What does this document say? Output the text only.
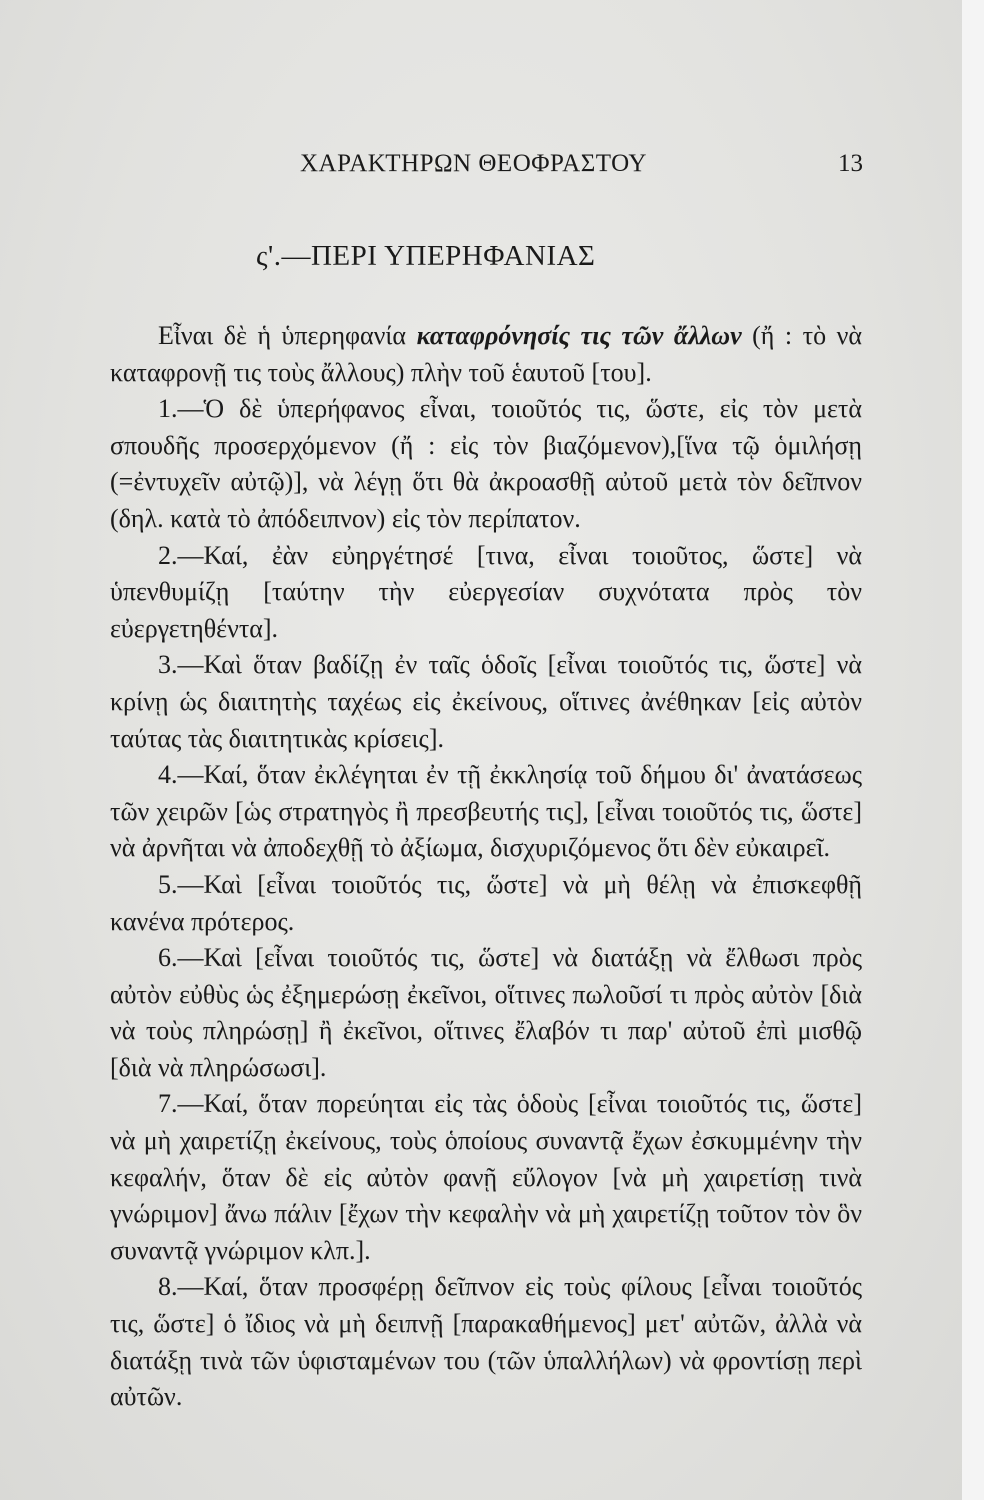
ΧΑΡΑΚΤΗΡΩΝ ΘΕΟΦΡΑΣΤΟΥ	13
ς'.—ΠΕΡΙ ΥΠΕΡΗΦΑΝΙΑΣ

Εἶναι δὲ ἡ ὑπερηφανία καταφρόνησίς τις τῶν ἄλλων (ἤ : τὸ νὰ καταφρονῇ τις τοὺς ἄλλους) πλὴν τοῦ ἑαυτοῦ [του].

1.—Ὁ δὲ ὑπερήφανος εἶναι, τοιοῦτός τις, ὥστε, εἰς τὸν μετὰ σπουδῆς προσερχόμενον (ἤ : εἰς τὸν βιαζόμενον),[ἵνα τῷ ὁμιλήσῃ (=ἐντυχεῖν αὐτῷ)], νὰ λέγῃ ὅτι θὰ ἀκροασθῇ αὐτοῦ μετὰ τὸν δεῖπνον (δηλ. κατὰ τὸ ἀπόδειπνον) εἰς τὸν περίπατον.

2.—Καί, ἐὰν εὐηργέτησέ [τινα, εἶναι τοιοῦτος, ὥστε] νὰ ὑπενθυμίζῃ [ταύτην τὴν εὐεργεσίαν συχνότατα πρὸς τὸν εὐεργετηθέντα].

3.—Καὶ ὅταν βαδίζῃ ἐν ταῖς ὁδοῖς [εἶναι τοιοῦτός τις, ὥστε] νὰ κρίνῃ ὡς διαιτητὴς ταχέως εἰς ἐκείνους, οἵτινες ἀνέθηκαν [εἰς αὐτὸν ταύτας τὰς διαιτητικὰς κρίσεις].

4.—Καί, ὅταν ἐκλέγηται ἐν τῇ ἐκκλησίᾳ τοῦ δήμου δι' ἀνατάσεως τῶν χειρῶν [ὡς στρατηγὸς ἢ πρεσβευτής τις], [εἶναι τοιοῦτός τις, ὥστε] νὰ ἀρνῆται νὰ ἀποδεχθῇ τὸ ἀξίωμα, δισχυριζόμενος ὅτι δὲν εὐκαιρεῖ.

5.—Καὶ [εἶναι τοιοῦτός τις, ὥστε] νὰ μὴ θέλῃ νὰ ἐπισκεφθῇ κανένα πρότερος.

6.—Καὶ [εἶναι τοιοῦτός τις, ὥστε] νὰ διατάξῃ νὰ ἔλθωσι πρὸς αὐτὸν εὐθὺς ὡς ἐξημερώσῃ ἐκεῖνοι, οἵτινες πωλοῦσί τι πρὸς αὐτὸν [διὰ νὰ τοὺς πληρώσῃ] ἢ ἐκεῖνοι, οἵτινες ἔλαβόν τι παρ' αὐτοῦ ἐπὶ μισθῷ [διὰ νὰ πληρώσωσι].

7.—Καί, ὅταν πορεύηται εἰς τὰς ὁδοὺς [εἶναι τοιοῦτός τις, ὥστε] νὰ μὴ χαιρετίζῃ ἐκείνους, τοὺς ὁποίους συναντᾷ ἔχων ἐσκυμμένην τὴν κεφαλήν, ὅταν δὲ εἰς αὐτὸν φανῇ εὔλογον [νὰ μὴ χαιρετίσῃ τινὰ γνώριμον] ἄνω πάλιν [ἔχων τὴν κεφαλὴν νὰ μὴ χαιρετίζῃ τοῦτον τὸν ὃν συναντᾷ γνώριμον κλπ.].

8.—Καί, ὅταν προσφέρῃ δεῖπνον εἰς τοὺς φίλους [εἶναι τοιοῦτός τις, ὥστε] ὁ ἴδιος νὰ μὴ δειπνῇ [παρακαθήμενος] μετ' αὐτῶν, ἀλλὰ νὰ διατάξῃ τινὰ τῶν ὑφισταμένων του (τῶν ὑπαλλήλων) νὰ φροντίσῃ περὶ αὐτῶν.
